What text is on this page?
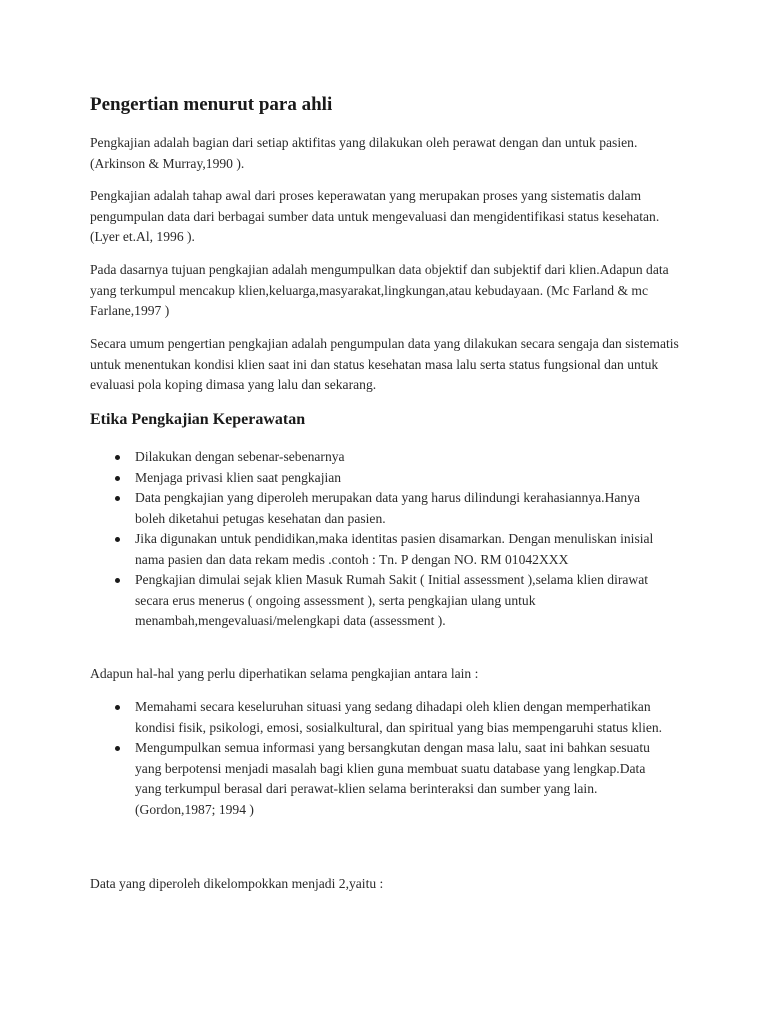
Pengertian menurut para ahli

Pengkajian adalah bagian dari setiap aktifitas yang dilakukan oleh perawat dengan dan untuk pasien. (Arkinson & Murray,1990 ).

Pengkajian adalah tahap awal dari proses keperawatan yang merupakan proses yang sistematis dalam pengumpulan data dari berbagai sumber data untuk mengevaluasi dan mengidentifikasi status kesehatan. (Lyer et.Al, 1996 ).

Pada dasarnya tujuan pengkajian adalah mengumpulkan data objektif dan subjektif dari klien.Adapun data yang terkumpul mencakup klien,keluarga,masyarakat,lingkungan,atau kebudayaan. (Mc Farland & mc Farlane,1997 )

Secara umum pengertian pengkajian adalah pengumpulan data yang dilakukan secara sengaja dan sistematis untuk menentukan kondisi klien saat ini dan status kesehatan masa lalu serta status fungsional dan untuk evaluasi pola koping dimasa yang lalu dan sekarang.

Etika Pengkajian Keperawatan
Dilakukan dengan sebenar-sebenarnya
Menjaga privasi klien saat pengkajian
Data pengkajian yang diperoleh merupakan data yang harus dilindungi kerahasiannya.Hanya boleh diketahui petugas kesehatan dan pasien.
Jika digunakan untuk pendidikan,maka identitas pasien disamarkan. Dengan menuliskan inisial nama pasien dan data rekam medis .contoh : Tn. P dengan NO. RM 01042XXX
Pengkajian dimulai sejak klien Masuk Rumah Sakit ( Initial assessment ),selama klien dirawat secara erus menerus ( ongoing assessment ), serta pengkajian ulang untuk menambah,mengevaluasi/melengkapi data (assessment ).

Adapun hal-hal yang perlu diperhatikan selama pengkajian antara lain :

Memahami secara keseluruhan situasi yang sedang dihadapi oleh klien dengan memperhatikan kondisi fisik, psikologi, emosi, sosialkultural, dan spiritual yang bias mempengaruhi status klien.
Mengumpulkan semua informasi yang bersangkutan dengan masa lalu, saat ini bahkan sesuatu yang berpotensi menjadi masalah bagi klien guna membuat suatu database yang lengkap.Data yang terkumpul berasal dari perawat-klien selama berinteraksi dan sumber yang lain. (Gordon,1987; 1994 )

Data yang diperoleh dikelompokkan menjadi 2,yaitu :
